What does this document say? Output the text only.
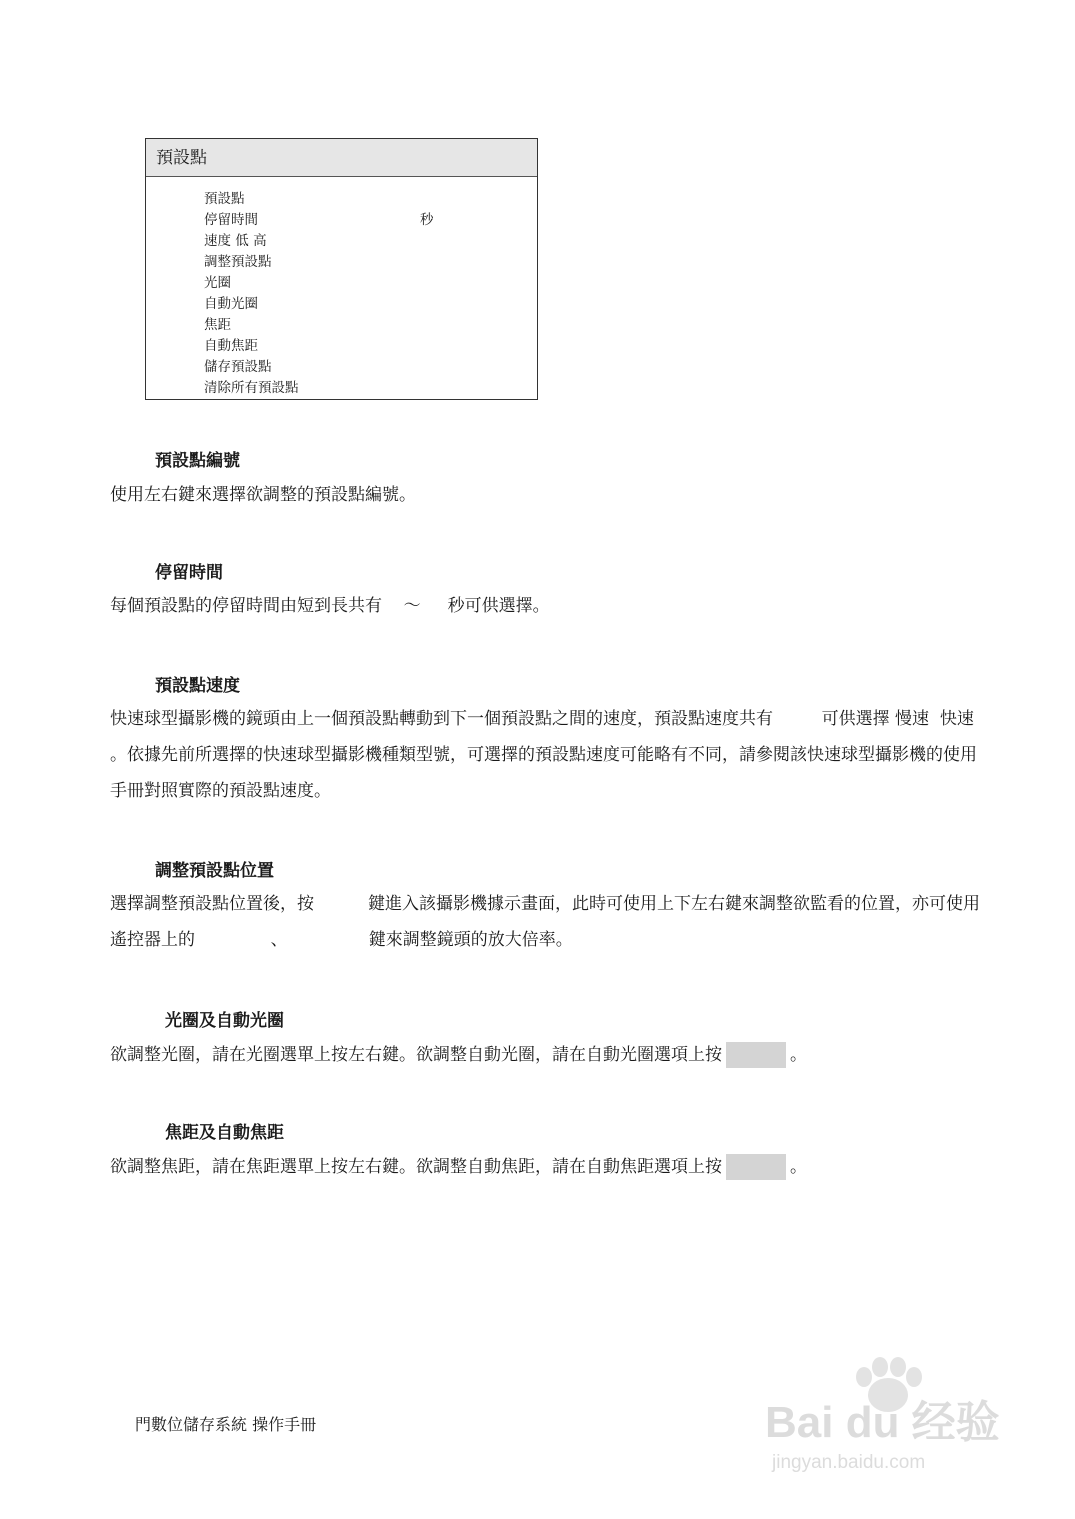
預設點
預設點
停留時間	秒
速度 低 高
調整預設點
光圈
自動光圈
焦距
自動焦距
儲存預設點
清除所有預設點
預設點編號

使用左右鍵來選擇欲調整的預設點編號。

停留時間

每個預設點的停留時間由短到長共有    ～     秒可供選擇。

預設點速度

快速球型攝影機的鏡頭由上一個預設點轉動到下一個預設點之間的速度，預設點速度共有         可供選擇 慢速  快速 。依據先前所選擇的快速球型攝影機種類型號，可選擇的預設點速度可能略有不同，請參閱該快速球型攝影機的使用手冊對照實際的預設點速度。

調整預設點位置

選擇調整預設點位置後，按          鍵進入該攝影機據示畫面，此時可使用上下左右鍵來調整欲監看的位置，亦可使用遙控器上的              、               鍵來調整鏡頭的放大倍率。

光圈及自動光圈

欲調整光圈，請在光圈選單上按左右鍵。欲調整自動光圈，請在自動光圈選項上按	。

焦距及自動焦距

欲調整焦距，請在焦距選單上按左右鍵。欲調整自動焦距，請在自動焦距選項上按	。

門數位儲存系統 操作手冊	Bai du 经验
jingyan.baidu.com
